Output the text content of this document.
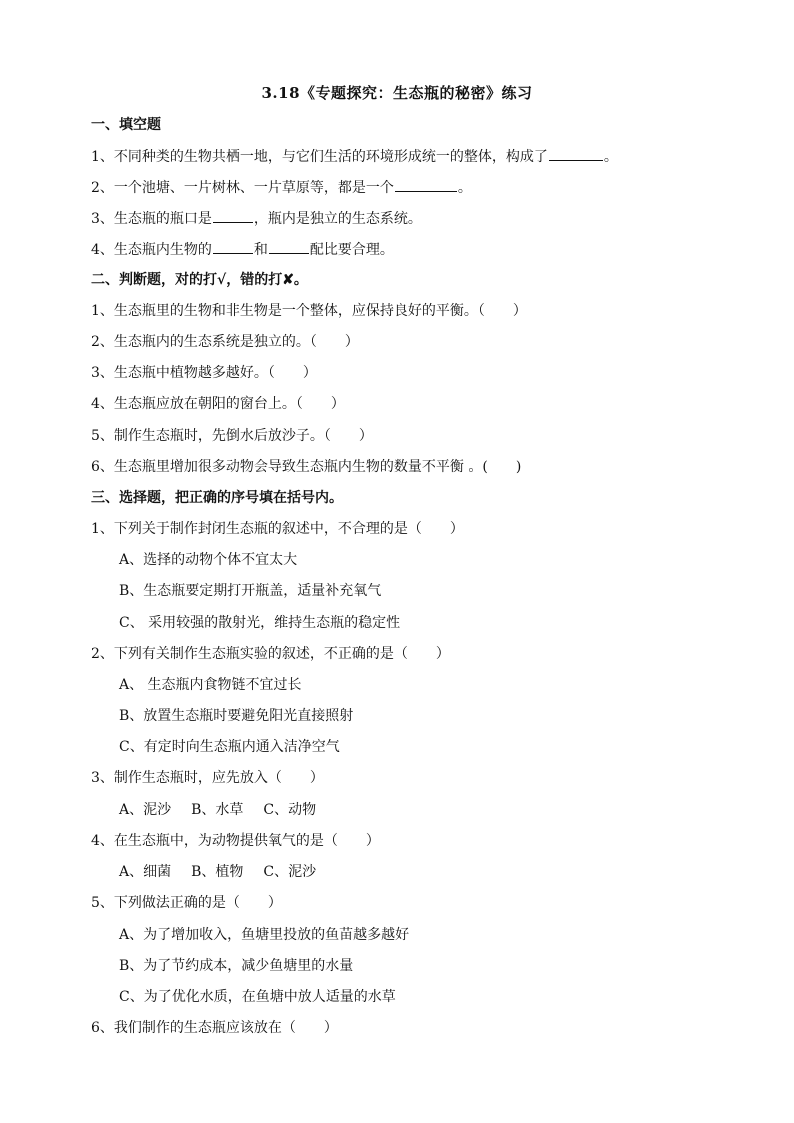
3.18《专题探究：生态瓶的秘密》练习
一、填空题
1、不同种类的生物共栖一地，与它们生活的环境形成统一的整体，构成了	。
2、一个池塘、一片树林、一片草原等，都是一个	。
3、生态瓶的瓶口是	，瓶内是独立的生态系统。
4、生态瓶内生物的	和	配比要合理。
二、判断题，对的打√，错的打✘。
1、生态瓶里的生物和非生物是一个整体，应保持良好的平衡。（　　）
2、生态瓶内的生态系统是独立的。（　　）
3、生态瓶中植物越多越好。（　　）
4、生态瓶应放在朝阳的窗台上。（　　）
5、制作生态瓶时，先倒水后放沙子。（　　）
6、生态瓶里增加很多动物会导致生态瓶内生物的数量不平衡 。(　　)
三、选择题，把正确的序号填在括号内。
1、下列关于制作封闭生态瓶的叙述中，不合理的是（　　）
A、选择的动物个体不宜太大
B、生态瓶要定期打开瓶盖，适量补充氧气
C、 采用较强的散射光，维持生态瓶的稳定性
2、下列有关制作生态瓶实验的叙述，不正确的是（　　）
A、 生态瓶内食物链不宜过长
B、放置生态瓶时要避免阳光直接照射
C、有定时向生态瓶内通入洁净空气
3、制作生态瓶时，应先放入（　　）
A、泥沙 B、水草 C、动物
4、在生态瓶中，为动物提供氧气的是（　　）
A、细菌 B、植物 C、泥沙
5、下列做法正确的是（　　）
A、为了增加收入，鱼塘里投放的鱼苗越多越好
B、为了节约成本，减少鱼塘里的水量
C、为了优化水质，在鱼塘中放人适量的水草
6、我们制作的生态瓶应该放在（　　）
